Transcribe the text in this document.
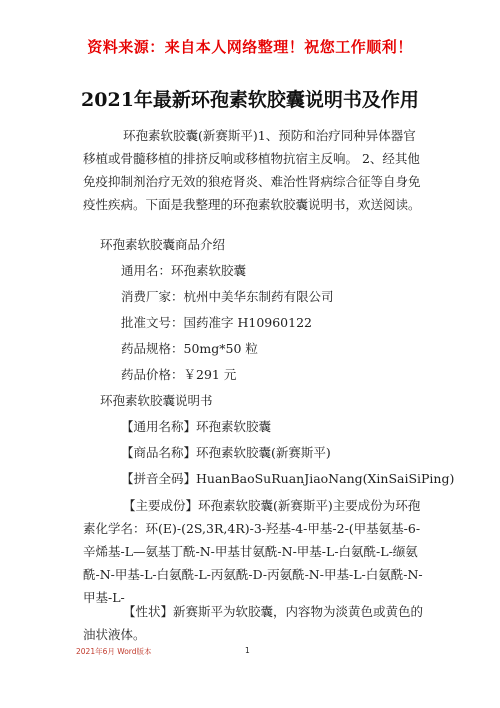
资料来源：来自本人网络整理！祝您工作顺利！
2021年最新环孢素软胶囊说明书及作用
环孢素软胶囊(新赛斯平)1、预防和治疗同种异体器官移植或骨髓移植的排挤反响或移植物抗宿主反响。 2、经其他免疫抑制剂治疗无效的狼疮肾炎、难治性肾病综合征等自身免疫性疾病。下面是我整理的环孢素软胶囊说明书，欢送阅读。
环孢素软胶囊商品介绍
通用名：环孢素软胶囊
消费厂家：杭州中美华东制药有限公司
批准文号：国药准字 H10960122
药品规格：50mg*50 粒
药品价格：￥291 元
环孢素软胶囊说明书
【通用名称】环孢素软胶囊
【商品名称】环孢素软胶囊(新赛斯平)
【拼音全码】HuanBaoSuRuanJiaoNang(XinSaiSiPing)
【主要成份】环孢素软胶囊(新赛斯平)主要成份为环孢素化学名：环(E)-(2S,3R,4R)-3-羟基-4-甲基-2-(甲基氨基-6-辛烯基-L—氨基丁酰-N-甲基甘氨酰-N-甲基-L-白氨酰-L-缬氨酰-N-甲基-L-白氨酰-L-丙氨酰-D-丙氨酰-N-甲基-L-白氨酰-N-甲基-L-
【性状】新赛斯平为软胶囊，内容物为淡黄色或黄色的油状液体。
2021年6月 Word版本	1
